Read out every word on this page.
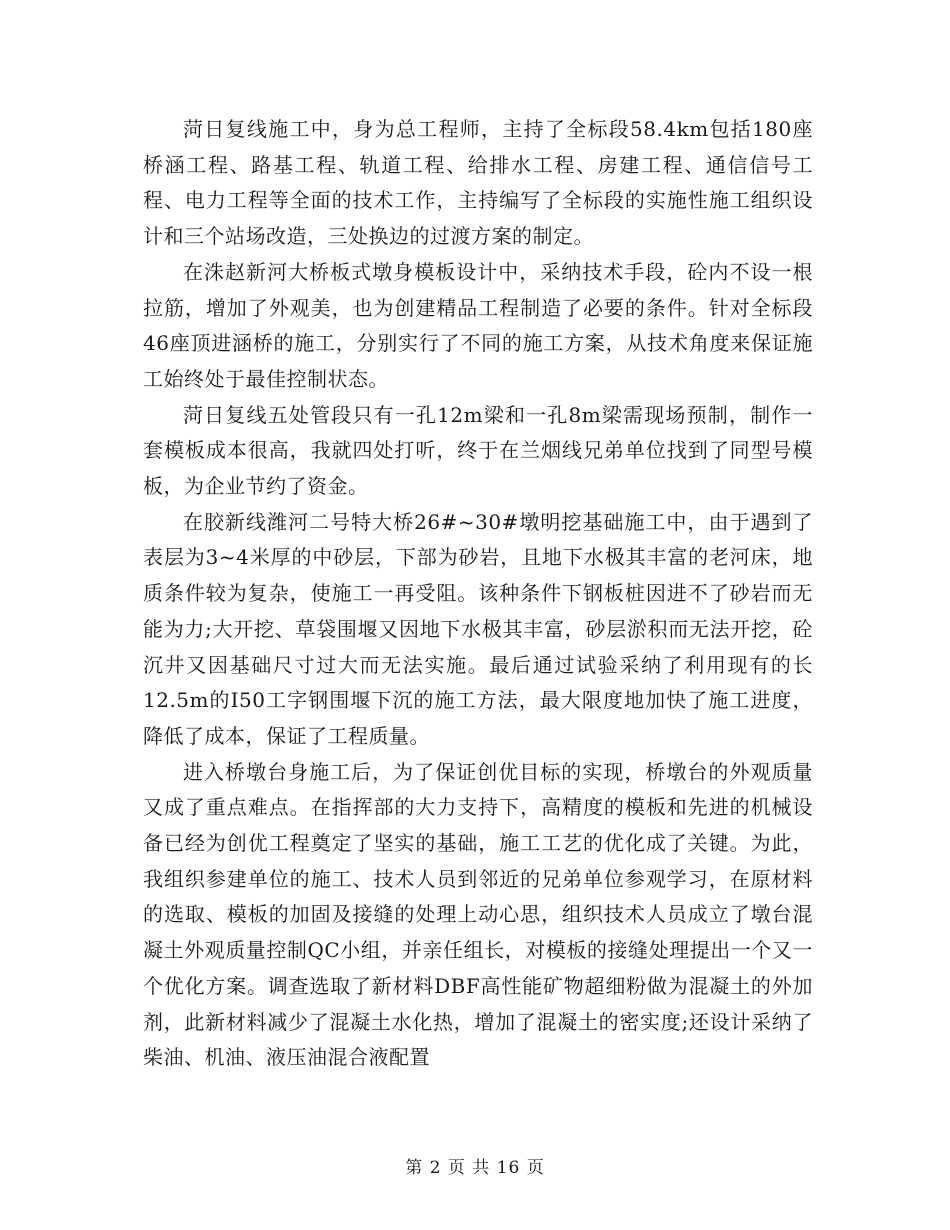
菏日复线施工中，身为总工程师，主持了全标段58.4km包括180座桥涵工程、路基工程、轨道工程、给排水工程、房建工程、通信信号工程、电力工程等全面的技术工作，主持编写了全标段的实施性施工组织设计和三个站场改造，三处换边的过渡方案的制定。

在洙赵新河大桥板式墩身模板设计中，采纳技术手段，砼内不设一根拉筋，增加了外观美，也为创建精品工程制造了必要的条件。针对全标段46座顶进涵桥的施工，分别实行了不同的施工方案，从技术角度来保证施工始终处于最佳控制状态。

菏日复线五处管段只有一孔12m梁和一孔8m梁需现场预制，制作一套模板成本很高，我就四处打听，终于在兰烟线兄弟单位找到了同型号模板，为企业节约了资金。

在胶新线潍河二号特大桥26#~30#墩明挖基础施工中，由于遇到了表层为3~4米厚的中砂层，下部为砂岩，且地下水极其丰富的老河床，地质条件较为复杂，使施工一再受阻。该种条件下钢板桩因进不了砂岩而无能为力;大开挖、草袋围堰又因地下水极其丰富，砂层淤积而无法开挖，砼沉井又因基础尺寸过大而无法实施。最后通过试验采纳了利用现有的长12.5m的I50工字钢围堰下沉的施工方法，最大限度地加快了施工进度，降低了成本，保证了工程质量。

进入桥墩台身施工后，为了保证创优目标的实现，桥墩台的外观质量又成了重点难点。在指挥部的大力支持下，高精度的模板和先进的机械设备已经为创优工程奠定了坚实的基础，施工工艺的优化成了关键。为此，我组织参建单位的施工、技术人员到邻近的兄弟单位参观学习，在原材料的选取、模板的加固及接缝的处理上动心思，组织技术人员成立了墩台混凝土外观质量控制QC小组，并亲任组长，对模板的接缝处理提出一个又一个优化方案。调查选取了新材料DBF高性能矿物超细粉做为混凝土的外加剂，此新材料减少了混凝土水化热，增加了混凝土的密实度;还设计采纳了柴油、机油、液压油混合液配置

第 2 页 共 16 页
